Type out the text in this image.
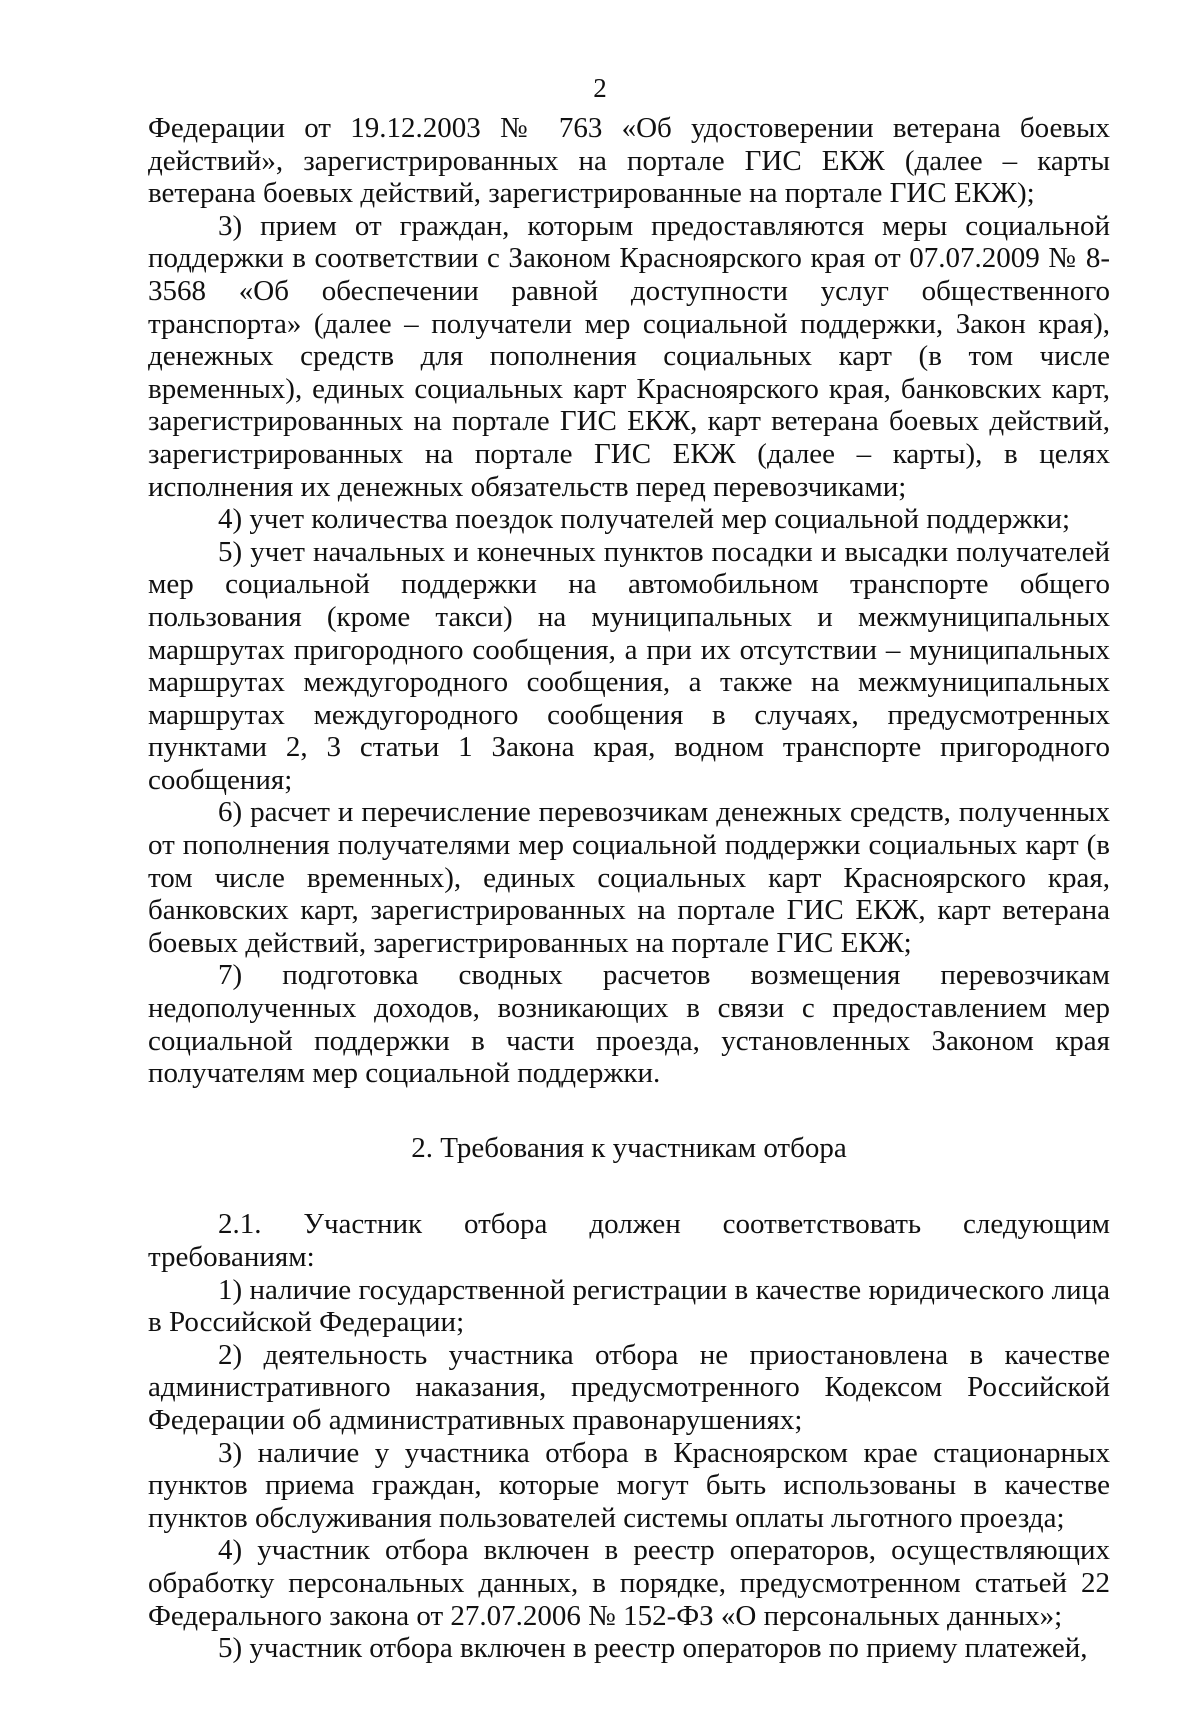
2

Федерации от 19.12.2003 № 763 «Об удостоверении ветерана боевых действий», зарегистрированных на портале ГИС ЕКЖ (далее – карты ветерана боевых действий, зарегистрированные на портале ГИС ЕКЖ);

3) прием от граждан, которым предоставляются меры социальной поддержки в соответствии с Законом Красноярского края от 07.07.2009 № 8-3568 «Об обеспечении равной доступности услуг общественного транспорта» (далее – получатели мер социальной поддержки, Закон края), денежных средств для пополнения социальных карт (в том числе временных), единых социальных карт Красноярского края, банковских карт, зарегистрированных на портале ГИС ЕКЖ, карт ветерана боевых действий, зарегистрированных на портале ГИС ЕКЖ (далее – карты), в целях исполнения их денежных обязательств перед перевозчиками;

4) учет количества поездок получателей мер социальной поддержки;

5) учет начальных и конечных пунктов посадки и высадки получателей мер социальной поддержки на автомобильном транспорте общего пользования (кроме такси) на муниципальных и межмуниципальных маршрутах пригородного сообщения, а при их отсутствии – муниципальных маршрутах междугородного сообщения, а также на межмуниципальных маршрутах междугородного сообщения в случаях, предусмотренных пунктами 2, 3 статьи 1 Закона края, водном транспорте пригородного сообщения;

6) расчет и перечисление перевозчикам денежных средств, полученных от пополнения получателями мер социальной поддержки социальных карт (в том числе временных), единых социальных карт Красноярского края, банковских карт, зарегистрированных на портале ГИС ЕКЖ, карт ветерана боевых действий, зарегистрированных на портале ГИС ЕКЖ;

7) подготовка сводных расчетов возмещения перевозчикам недополученных доходов, возникающих в связи с предоставлением мер социальной поддержки в части проезда, установленных Законом края получателям мер социальной поддержки.

2. Требования к участникам отбора

2.1. Участник отбора должен соответствовать следующим требованиям:

1) наличие государственной регистрации в качестве юридического лица в Российской Федерации;

2) деятельность участника отбора не приостановлена в качестве административного наказания, предусмотренного Кодексом Российской Федерации об административных правонарушениях;

3) наличие у участника отбора в Красноярском крае стационарных пунктов приема граждан, которые могут быть использованы в качестве пунктов обслуживания пользователей системы оплаты льготного проезда;

4) участник отбора включен в реестр операторов, осуществляющих обработку персональных данных, в порядке, предусмотренном статьей 22 Федерального закона от 27.07.2006 № 152-ФЗ «О персональных данных»;

5) участник отбора включен в реестр операторов по приему платежей,
